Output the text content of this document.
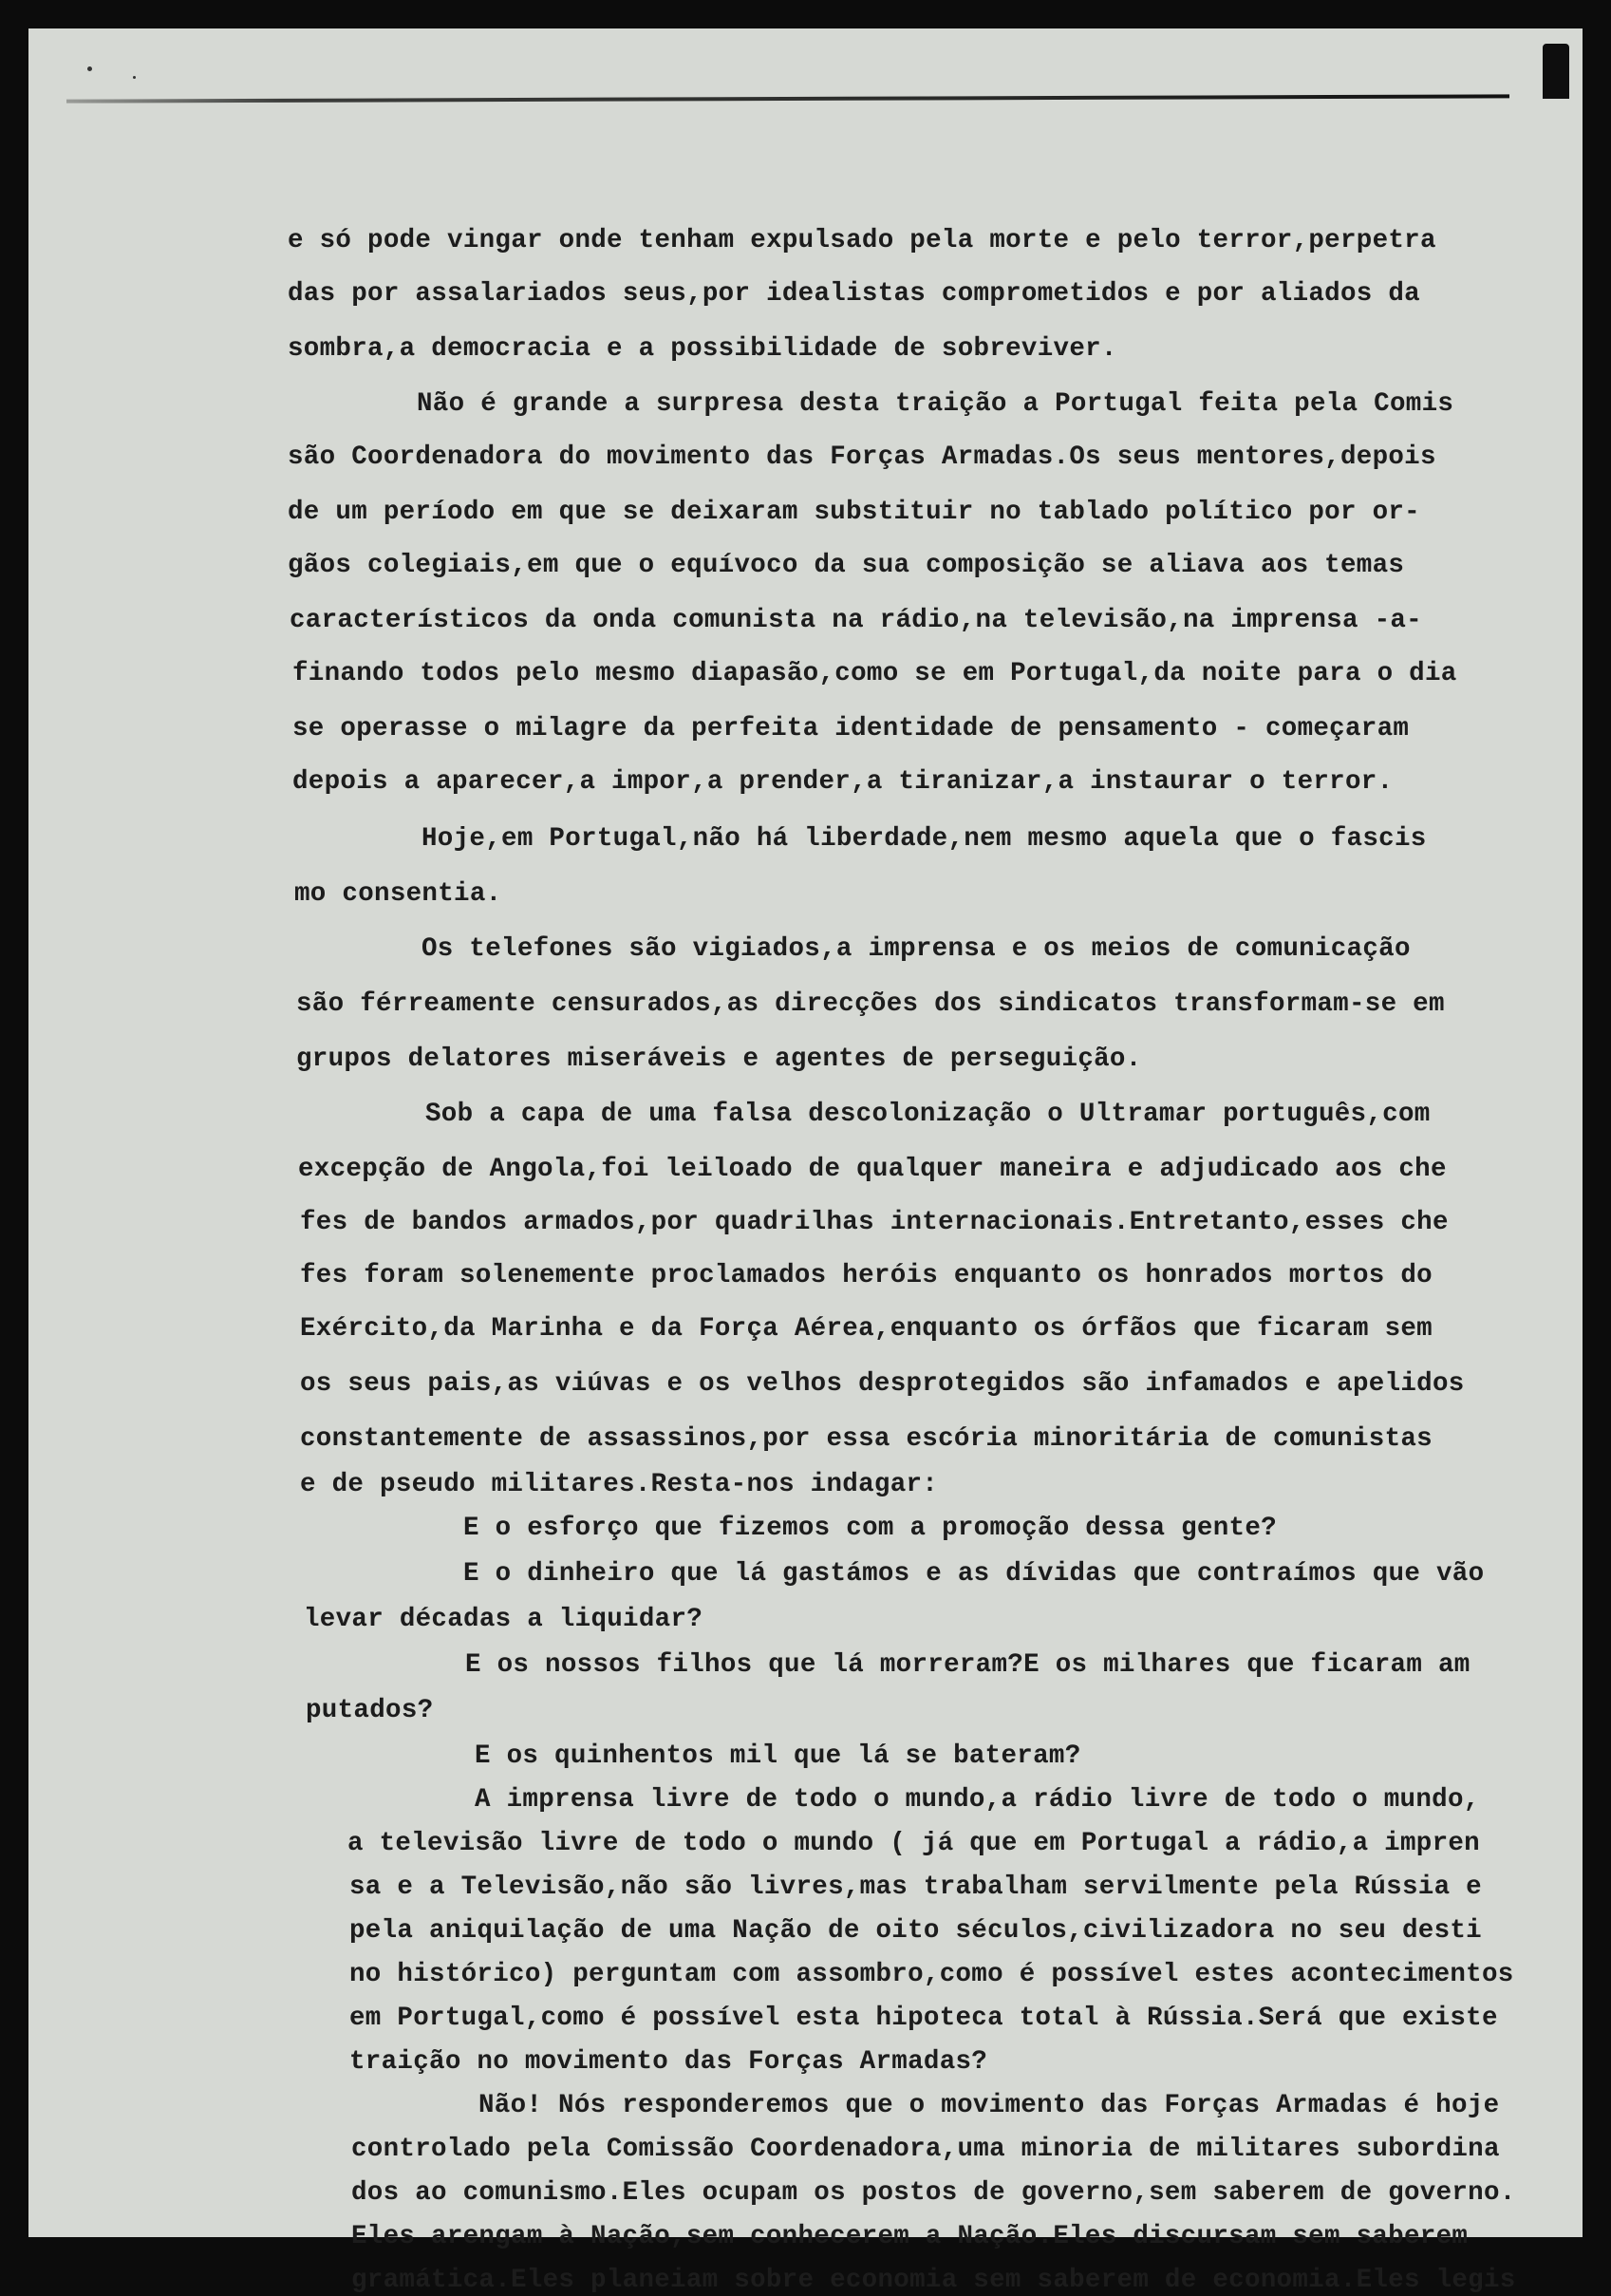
e só pode vingar onde tenham expulsado pela morte e pelo terror,perpetra
das por assalariados seus,por idealistas comprometidos e por aliados da
sombra,a democracia e a possibilidade de sobreviver.
Não é grande a surpresa desta traição a Portugal feita pela Comis
são Coordenadora do movimento das Forças Armadas.Os seus mentores,depois
de um período em que se deixaram substituir no tablado político por or-
gãos colegiais,em que o equívoco da sua composição se aliava aos temas
característicos da onda comunista na rádio,na televisão,na imprensa -a-
finando todos pelo mesmo diapasão,como se em Portugal,da noite para o dia
se operasse o milagre da perfeita identidade de pensamento - começaram
depois a aparecer,a impor,a prender,a tiranizar,a instaurar o terror.
Hoje,em Portugal,não há liberdade,nem mesmo aquela que o fascis
mo consentia.
Os telefones são vigiados,a imprensa e os meios de comunicação
são férreamente censurados,as direcções dos sindicatos transformam-se em
grupos delatores miseráveis e agentes de perseguição.
Sob a capa de uma falsa descolonização o Ultramar português,com
excepção de Angola,foi leiloado de qualquer maneira e adjudicado aos che
fes de bandos armados,por quadrilhas internacionais.Entretanto,esses che
fes foram solenemente proclamados heróis enquanto os honrados mortos do
Exército,da Marinha e da Força Aérea,enquanto os órfãos que ficaram sem
os seus pais,as viúvas e os velhos desprotegidos são infamados e apelidos
constantemente de assassinos,por essa escória minoritária de comunistas
e de pseudo militares.Resta-nos indagar:
E o esforço que fizemos com a promoção dessa gente?
E o dinheiro que lá gastámos e as dívidas que contraímos que vão
levar décadas a liquidar?
E os nossos filhos que lá morreram?E os milhares que ficaram am
putados?
E os quinhentos mil que lá se bateram?
A imprensa livre de todo o mundo,a rádio livre de todo o mundo,
a televisão livre de todo o mundo ( já que em Portugal a rádio,a impren
sa e a Televisão,não são livres,mas trabalham servilmente pela Rússia e
pela aniquilação de uma Nação de oito séculos,civilizadora no seu desti
no histórico) perguntam com assombro,como é possível estes acontecimentos
em Portugal,como é possível esta hipoteca total à Rússia.Será que existe
traição no movimento das Forças Armadas?
Não! Nós responderemos que o movimento das Forças Armadas é hoje
controlado pela Comissão Coordenadora,uma minoria de militares subordina
dos ao comunismo.Eles ocupam os postos de governo,sem saberem de governo.
Eles arengam à Nação,sem conhecerem a Nação.Eles discursam sem saberem
gramática.Eles planeiam sobre economia sem saberem de economia.Eles legis
